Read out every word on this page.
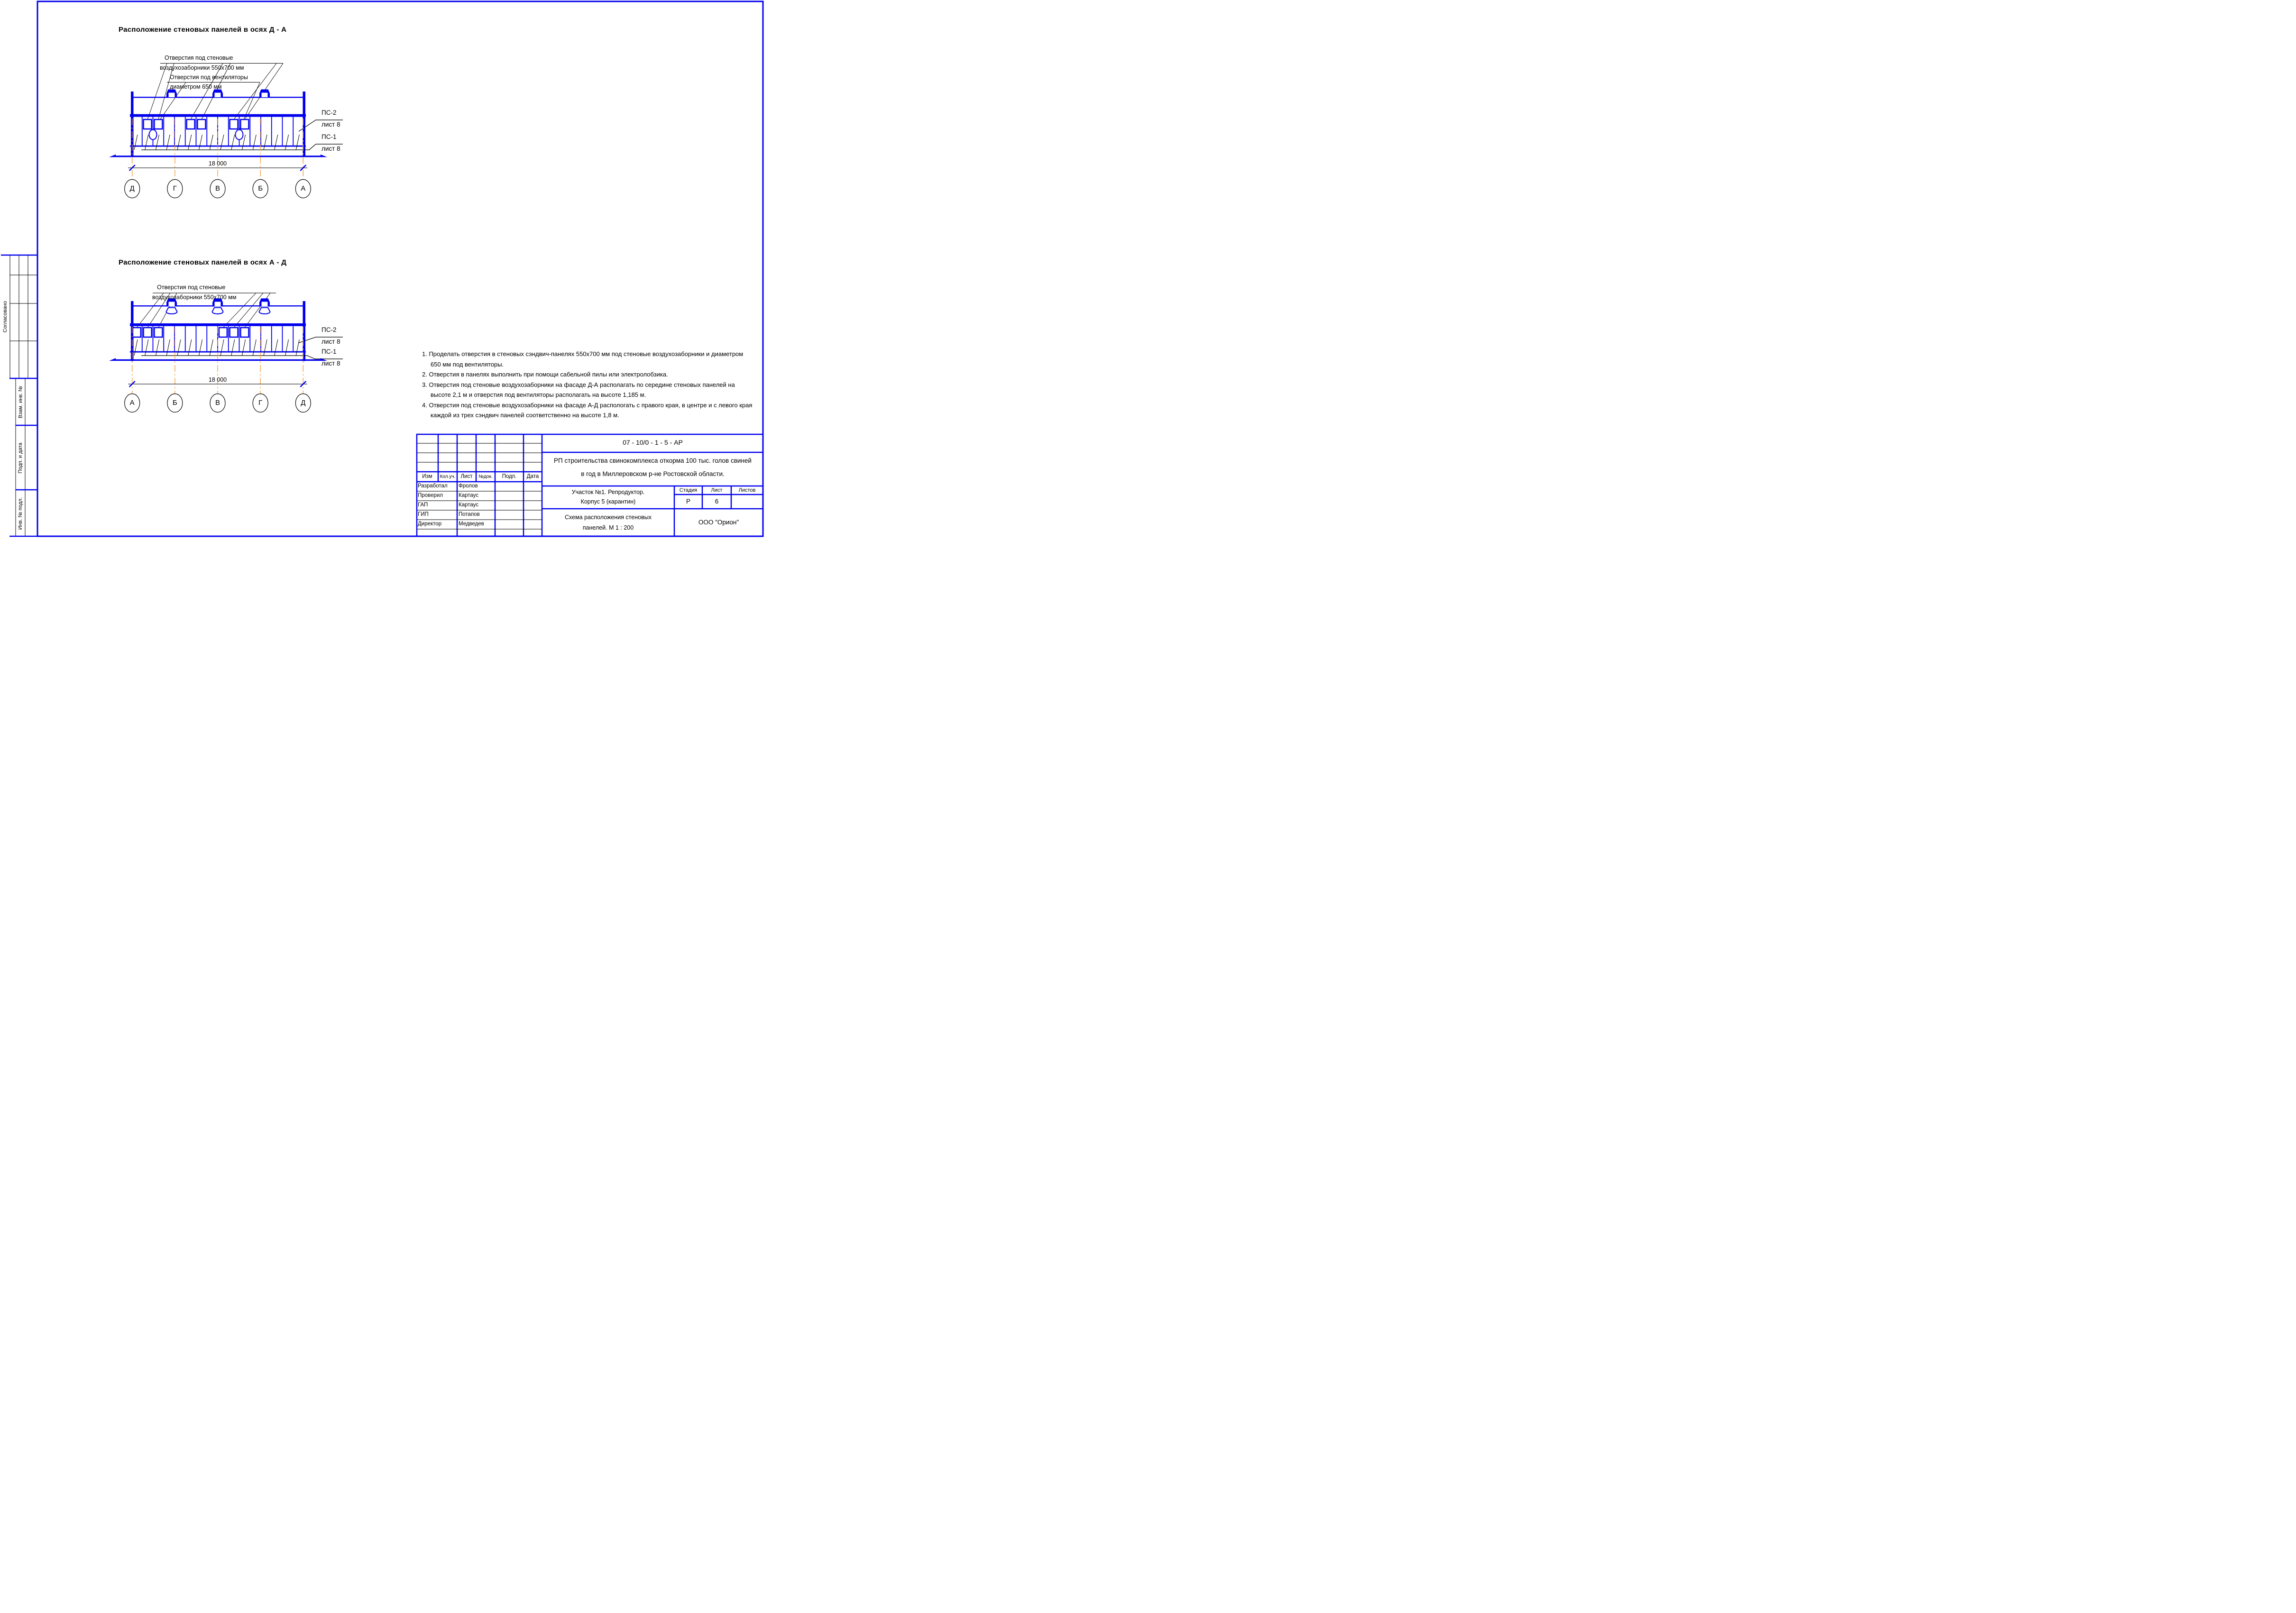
Расположение стеновых панелей в осях Д - А
Отверстия под стеновые
воздухозаборники 550х700 мм
Отверстия под вентиляторы
диаметром 650 мм
ПС-2
лист 8
ПС-1
лист 8
18 000
Д	Г	В	Б	А
Расположение стеновых панелей в осях А - Д
Отверстия под стеновые
воздухозаборники 550х700 мм
ПС-2
лист 8
ПС-1
лист 8
18 000
А	Б	В	Г	Д
1. Проделать отверстия в стеновых сэндвич-панелях 550х700 мм под стеновые воздухозаборники и диаметром 650 мм под вентиляторы.
2. Отверстия в панелях выполнить при помощи сабельной пилы или электролобзика.
3. Отверстия под стеновые воздухозаборники на фасаде Д-А располагать по середине стеновых панелей на высоте 2,1 м и отверстия под вентиляторы располагать на высоте 1,185 м.
4. Отверстия под стеновые воздухозаборники на фасаде А-Д распологать с правого края, в центре и с левого края каждой из трех сэндвич панелей соответственно на высоте 1,8 м.
Согласовано
Взам. инв. №
Подп. и дата
Инв. № подл.
07 - 10/0 - 1 - 5 - АР
РП строительства свинокомплекса откорма 100 тыс. голов свиней
в год в Миллеровском р-не Ростовской области.
Изм	Кол.уч. Лист	№док.	Подп.	Дата
Разработал Фролов
Проверил	Картаус
ГАП	Картаус
ГИП	Потапов
Директор	Медведев
Участок №1. Репродуктор.
Корпус 5 (карантин)
Стадия	Лист	Листов
Р	6
Схема расположения стеновых
панелей. М 1 : 200
ООО "Орион"
